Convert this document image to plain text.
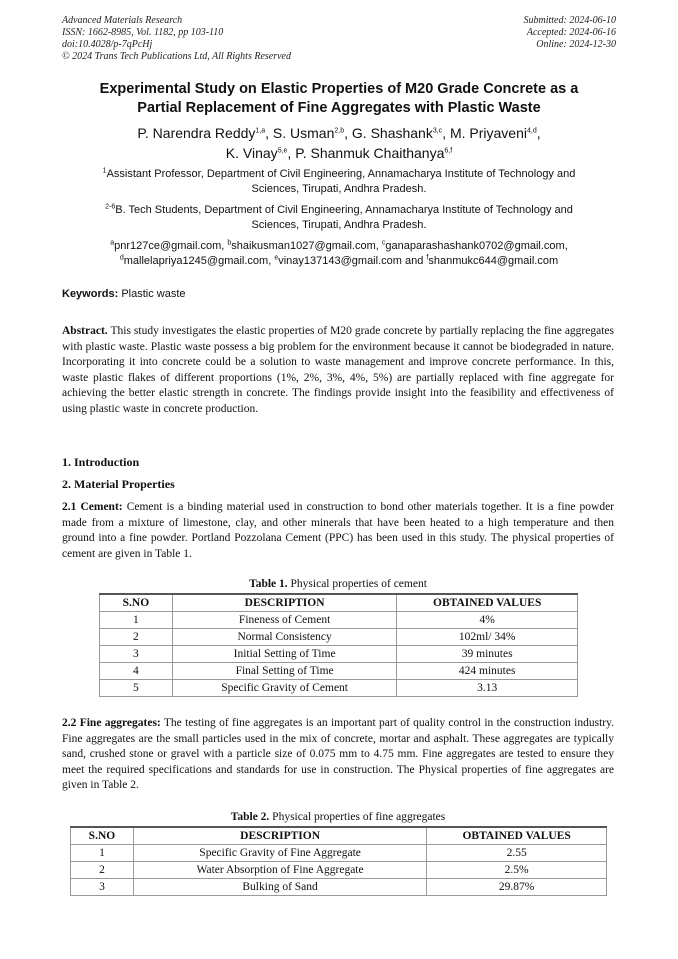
Advanced Materials Research
ISSN: 1662-8985, Vol. 1182, pp 103-110
doi:10.4028/p-7qPcHj
© 2024 Trans Tech Publications Ltd, All Rights Reserved
Submitted: 2024-06-10
Accepted: 2024-06-16
Online: 2024-12-30
Experimental Study on Elastic Properties of M20 Grade Concrete as a
Partial Replacement of Fine Aggregates with Plastic Waste
P. Narendra Reddy$^{1,a}$, S. Usman$^{2,b}$, G. Shashank$^{3,c}$, M. Priyaveni$^{4,d}$,
K. Vinay$^{5,e}$, P. Shanmuk Chaithanya$^{6,f}$
$^1$Assistant Professor, Department of Civil Engineering, Annamacharya Institute of Technology and
Sciences, Tirupati, Andhra Pradesh.
$^{2-6}$B. Tech Students, Department of Civil Engineering, Annamacharya Institute of Technology and
Sciences, Tirupati, Andhra Pradesh.
$^a$pnr127ce@gmail.com, $^b$shaikusman1027@gmail.com, $^c$ganaparashashank0702@gmail.com,
$^d$mallelapriya1245@gmail.com, $^e$vinay137143@gmail.com and $^f$shanmukc644@gmail.com
Keywords: Plastic waste
Abstract. This study investigates the elastic properties of M20 grade concrete by partially replacing the fine aggregates with plastic waste. Plastic waste possess a big problem for the environment because it cannot be biodegraded in nature. Incorporating it into concrete could be a solution to waste management and improve concrete performance. In this, waste plastic flakes of different proportions (1%, 2%, 3%, 4%, 5%) are partially replaced with fine aggregate for achieving the better elastic strength in concrete. The findings provide insight into the feasibility and effectiveness of using plastic waste in concrete production.
1. Introduction
2. Material Properties
2.1 Cement: Cement is a binding material used in construction to bond other materials together. It is a fine powder made from a mixture of limestone, clay, and other minerals that have been heated to a high temperature and then ground into a fine powder. Portland Pozzolana Cement (PPC) has been used in this study. The physical properties of cement are given in Table 1.
Table 1. Physical properties of cement
S.NO	DESCRIPTION	OBTAINED VALUES
1	Fineness of Cement	4%
2	Normal Consistency	102ml/ 34%
3	Initial Setting of Time	39 minutes
4	Final Setting of Time	424 minutes
5	Specific Gravity of Cement	3.13
2.2 Fine aggregates: The testing of fine aggregates is an important part of quality control in the construction industry. Fine aggregates are the small particles used in the mix of concrete, mortar and asphalt. These aggregates are typically sand, crushed stone or gravel with a particle size of 0.075 mm to 4.75 mm. Fine aggregates are tested to ensure they meet the required specifications and standards for use in construction. The Physical properties of fine aggregates are given in Table 2.
Table 2. Physical properties of fine aggregates
S.NO	DESCRIPTION	OBTAINED VALUES
1	Specific Gravity of Fine Aggregate	2.55
2	Water Absorption of Fine Aggregate	2.5%
3	Bulking of Sand	29.87%
